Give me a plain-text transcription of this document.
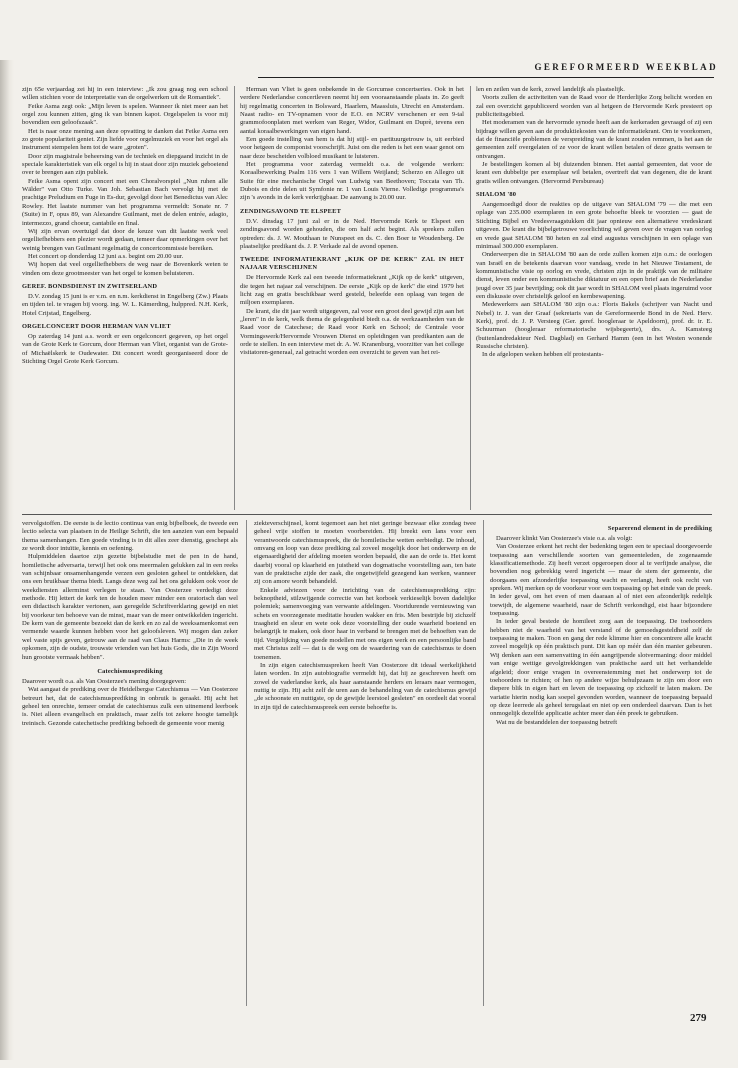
GEREFORMEERD WEEKBLAD

zijn 65e verjaardag zei hij in een interview: „Ik zou graag nog een school willen stichten voor de interpretatie van de orgelwerken uit de Romantiek".

Feike Asma zegt ook: „Mijn leven is spelen. Wanneer ik niet meer aan het orgel zou kunnen zitten, ging ik van binnen kapot. Orgelspelen is voor mij bovendien een geloofszaak".

Het is naar onze mening aan deze opvatting te danken dat Feike Asma een zo grote populariteit geniet. Zijn liefde voor orgelmuziek en voor het orgel als instrument stempelen hem tot de ware „groten".

Door zijn magistrale beheersing van de techniek en diepgaand inzicht in de speciale karakteristiek van elk orgel is hij in staat door zijn muziek geboeiend over te brengen aan zijn publiek.

Feike Asma opent zijn concert met een Choralvorspiel „Nun ruhen alle Wälder" van Otto Turke. Van Joh. Sebastian Bach vervolgt hij met de prachtige Preludium en Fuge in Es-dur, gevolgd door het Benedictus van Alec Rowley. Het laatste nummer van het programma vermeldt: Sonate nr. 7 (Suite) in F, opus 89, van Alexandre Guilmant, met de delen entrée, adagio, intermezzo, grand choeur, cantabile en final.

Wij zijn ervan overtuigd dat door de keuze van dit laatste werk veel orgelliefhebbers een plezier wordt gedaan, temeer daar opmerkingen over het weinig brengen van Guilmant regelmatig de concertcommissie bereiken.

Het concert op donderdag 12 juni a.s. begint om 20.00 uur.

Wij hopen dat veel orgelliefhebbers de weg naar de Bovenkerk weten te vinden om deze grootmeester van het orgel te komen beluisteren.

GEREF. BONDSDIENST IN ZWITSERLAND

D.V. zondag 15 juni is er v.m. en n.m. kerkdienst in Engelberg (Zw.) Plaats en tijden tel. te vragen bij voorg. ing. W. L. Kämerding, hulppred. N.H. Kerk, Hotel Crijstad, Engelberg.

ORGELCONCERT DOOR HERMAN VAN VLIET

Op zaterdag 14 juni a.s. wordt er een orgelconcert gegeven, op het orgel van de Grote Kerk te Gorcum, door Herman van Vliet, organist van de Grote- of Michaëlskerk te Oudewater. Dit concert wordt georganiseerd door de Stichting Orgel Grote Kerk Gorcum.

Herman van Vliet is geen onbekende in de Gorcumse concertseries. Ook in het verdere Nederlandse concertleven neemt hij een vooraanstaande plaats in. Zo geeft hij regelmatig concerten in Bolsward, Haarlem, Maassluis, Utrecht en Amsterdam. Naast radio- en TV-opnamen voor de E.O. en NCRV verschenen er een 9-tal grammofoonplaten met werken van Reger, Widor, Guilmant en Duprè, tevens een aantal koraalbewerkingen van eigen hand.

Een goede instelling van hem is dat hij stijl- en partituurgetrouw is, uit eerbied voor hetgeen de componist voorschrijft. Juist om die reden is het een waar genot om naar deze bescheiden volbloed musikant te luisteren.

Het programma voor zaterdag vermeldt o.a. de volgende werken: Koraalbewerking Psalm 116 vers 1 van Willem Weijland; Scherzo en Allegro uit Suite für eine mechanische Orgel van Ludwig van Beethoven; Toccata van Th. Dubois en drie delen uit Symfonie nr. 1 van Louis Vierne. Volledige programma's zijn 's avonds in de kerk verkrijgbaar. De aanvang is 20.00 uur.

ZENDINGSAVOND TE ELSPEET

D.V. dinsdag 17 juni zal er in de Ned. Hervormde Kerk te Elspeet een zendingsavond worden gehouden, die om half acht begint. Als sprekers zullen optreden: ds. J. W. Mouthaan te Nunspeet en ds. C. den Boer te Woudenberg. De plaatselijke predikant ds. J. P. Verkade zal de avond openen.

TWEEDE INFORMATIEKRANT „KIJK OP DE KERK" ZAL IN HET NAJAAR VERSCHIJNEN

De Hervormde Kerk zal een tweede informatiekrant „Kijk op de kerk" uitgeven, die tegen het najaar zal verschijnen. De eerste „Kijk op de kerk" die eind 1979 het licht zag en gratis beschikbaar werd gesteld, beleefde een oplaag van tegen de miljoen exemplaren.

De krant, die dit jaar wordt uitgegeven, zal voor een groot deel gewijd zijn aan het „leren" in de kerk, welk thema de gelegenheid biedt o.a. de werkzaamheden van de Raad voor de Catechese; de Raad voor Kerk en School; de Centrale voor Vormingswerk/Hervormde Vrouwen Dienst en opleidingen van predikanten aan de orde te stellen. In een interview met dr. A. W. Kranenburg, voorzitter van het college visitatoren-generaal, zal getracht worden een overzicht te geven van het rei-

len en zeilen van de kerk, zowel landelijk als plaatselijk.

Voorts zullen de activiteiten van de Raad voor de Herderlijke Zorg belicht worden en zal een overzicht gepubliceerd worden van al hetgeen de Hervormde Kerk presteert op publiciteitsgebied.

Het moderamen van de hervormde synode heeft aan de kerkeraden gevraagd of zij een bijdrage willen geven aan de produktiekosten van de informatiekrant. Om te voorkomen, dat de financiële problemen de verspreiding van de krant zouden remmen, is het aan de gemeenten zelf overgelaten of ze voor de krant willen betalen of deze gratis wensen te ontvangen.

Je bestellingen komen al bij duizenden binnen. Het aantal gemeenten, dat voor de krant een dubbeltje per exemplaar wil betalen, overtreft dat van degenen, die de krant gratis willen ontvangen. (Hervormd Persbureau)

SHALOM '80

Aangemoedigd door de reakties op de uitgave van SHALOM '79 — die met een oplage van 235.000 exemplaren in een grote behoefte bleek te voorzien — gaat de Stichting Bijbel en Vredesvraagstukken dit jaar opnieuw een alternatieve vredeskrant uitgeven. De krant die bijbelgetrouwe voorlichting wil geven over de vragen van oorlog en vrede gaat SHALOM '80 heten en zal eind augustus verschijnen in een oplage van minimaal 300.000 exemplaren.

Onderwerpen die in SHALOM '80 aan de orde zullen komen zijn o.m.: de oorlogen van Israël en de betekenis daarvan voor vandaag, vrede in het Nieuwe Testament, de kommunistische visie op oorlog en vrede, christen zijn in de praktijk van de militaire dienst, leven onder een kommunistische diktatuur en een open brief aan de Nederlandse jeugd over 35 jaar bevrijding; ook dit jaar wordt in SHALOM veel plaats ingeruimd voor een diskussie over christelijk geloof en kernbewapening.

Medewerkers aan SHALOM '80 zijn o.a.: Floris Bakels (schrijver van Nacht und Nebel) ir. J. van der Graaf (sekretaris van de Gereformeerde Bond in de Ned. Herv. Kerk), prof. dr. J. P. Versteeg (Ger. geref. hoogleraar te Apeldoorn), prof. dr. ir. E. Schuurman (hoogleraar reformatorische wijsbegeerte), drs. A. Kamsteeg (buitenlandredakteur Ned. Dagblad) en Gerhard Hamm (een in het Westen wonende Russische christen).

In de afgelopen weken hebben elf protestants-

vervolgstoffen. De eerste is de lectio continua van enig bijbelboek, de tweede een lectio selecta van plaatsen in de Heilige Schrift, die ten aanzien van een bepaald thema samenhangen. Een goede vinding is in dit alles zeer dienstig, geschept als ze wordt door intuïtie, kennis en oefening.

Hulpmiddelen daartoe zijn gezette bijbelstudie met de pen in de hand, homiletische adversaria, terwijl het ook ons meermalen gelukken zal in een reeks van schijnbaar onsamenhangende verzen een gesloten geheel te ontdekken, dat ons een bruikbaar thema biedt. Langs deze weg zal het ons gelukken ook voor de weekdiensten allerminst verlegen te staan. Van Oosterzee verdedigt deze methode. Hij lettert de kerk ten de houden meer minder een oratorisch dan wel een didactisch karakter vertonen, aan geregelde Schriftverklaring gewijd en niet bij voorkeur ten behoeve van de minst, maar van de meer ontwikkelden ingericht. De kern van de gemeente bezoekt dan de kerk en zo zal de weeksamenkomst een vermende waarde kunnen hebben voor het geloofsleven. Wij mogen dan zeker wel vaste spijs geven, getrouw aan de raad van Claus Harms: „Die in de week opkomen, zijn de oudste, trouwste vrienden van het huis Gods, die in Zijn Woord hun grootste vermaak hebben".

Catechismusprediking

Daarover wordt o.a. als Van Oosterzee's mening doorgegeven:

Wat aangaat de prediking over de Heidelbergse Catechismus — Van Oosterzee betreurt het, dat de catechismusprediking in onbruik is geraakt. Hij acht het geheel ten onrechte, temeer omdat de catechismus zulk een uitnemend leerboek is. Niet alleen evangelisch en praktisch, maar zelfs tot zekere hoogte tamelijk treinisch. Gezonde catechetische prediking behoedt de gemeente voor menig

ziekteverschijnsel, komt tegemoet aan het niet geringe bezwaar elke zondag twee geheel vrije stoffen te moeten voorbereiden. Hij breekt een lans voor een verantwoorde catechismuspreek, die de homiletische wetten eerbiedigt. De inhoud, omvang en loop van deze prediking zal zoveel mogelijk door het onderwerp en de eigenaardigheid der afdeling moeten worden bepaald, die aan de orde is. Het komt daarbij vooral op klaarheid en juistheid van dogmatische voorstelling aan, ten bate van de praktische zijde der zaak, die ongetwijfeld gezegend kan werken, wanneer zij con amore wordt behandeld.

Enkele adviezen voor de inrichting van de catechismusprediking zijn: beknoptheid, stilzwijgende correctie van het korboek verkieselijk boven dadelijke polemiek; samenvoeging van verwante afdelingen. Voortdurende vernieuwing van schets en voorzegenste meditatie houden wakker en fris. Men bestrijde bij zichzelf traagheid en sleur en wete ook deze voorstelling der oude waarheid boeiend en belangrijk te maken, ook door haar in verband te brengen met de behoeften van de tijd. Vergelijking van goede modellen met ons eigen werk en een persoonlijke band met Christus zelf — dat is de weg om de waardering van de catechismus te doen toenemen.

In zijn eigen catechismuspreken heeft Van Oosterzee dit ideaal werkelijkheid laten worden. In zijn autobiografie vermeldt hij, dat hij ze geschreven heeft om zowel de vaderlandse kerk, als haar aanstaande herders en leraars naar vermogen, nuttig te zijn. Hij acht zelf de uren aan de behandeling van de catechismus gewijd „de schoonste en nuttigste, op de gewijde leerstoel gesleten" en oordeelt dat vooral in zijn tijd de catechismuspreek een eerste behoefte is.

Separerend element in de prediking

Daarover klinkt Van Oosterzee's visie o.a. als volgt:

Van Oosterzee erkent het recht der bedenking tegen een te speciaal doorgevoerde toepassing aan verschillende soorten van gemeenteleden, de zogenaamde klassificatiemethode. Zij heeft verzet opgeroepen door al te verfijnde analyse, die bovendien nog gebrekkig werd ingericht — maar de stem der gemeente, die doorgaans een afzonderlijke toepassing wacht en verlangt, heeft ook recht van spreken. Wij merken op de voorkeur voor een toepassing op het einde van de preek. In ieder geval, om het even of men daaraan al of niet een afzonderlijk redelijk toewijdt, de algemene waarheid, naar de Schrift verkondigd, eist haar bijzondere toepassing.

In ieder geval bestede de homileet zorg aan de toepassing. De toehoorders hebben niet de waarheid van het verstand of de gemoedsgesteldheid zelf de toepassing te maken. Toon en gang der rede klimme hier en concentrere alle kracht zoveel mogelijk op één praktisch punt. Dit kan op méér dan één manier gebeuren. Wij denken aan een samenvatting in één aangrijpende slotvermaning: door middel van enige wettige gevolgtrekkingen van praktische aard uit het verhandelde afgeleid; door enige vragen in overeenstemming met het onderwerp tot de toehoorders te richten; of hen op andere wijze behulpzaam te zijn om door een diepere blik in eigen hart en leven de toepassing op zichzelf te laten maken. De variatie hierin nodig kan soepel gevonden worden, wanneer de toepassing bepaald op deze leerrede als geheel terugslaat en niet op een onderdeel daarvan. Dan is het onmogelijk dezelfde applicatie achter meer dan één preek te gebruiken.

Wat nu de bestanddelen der toepassing betreft

279
